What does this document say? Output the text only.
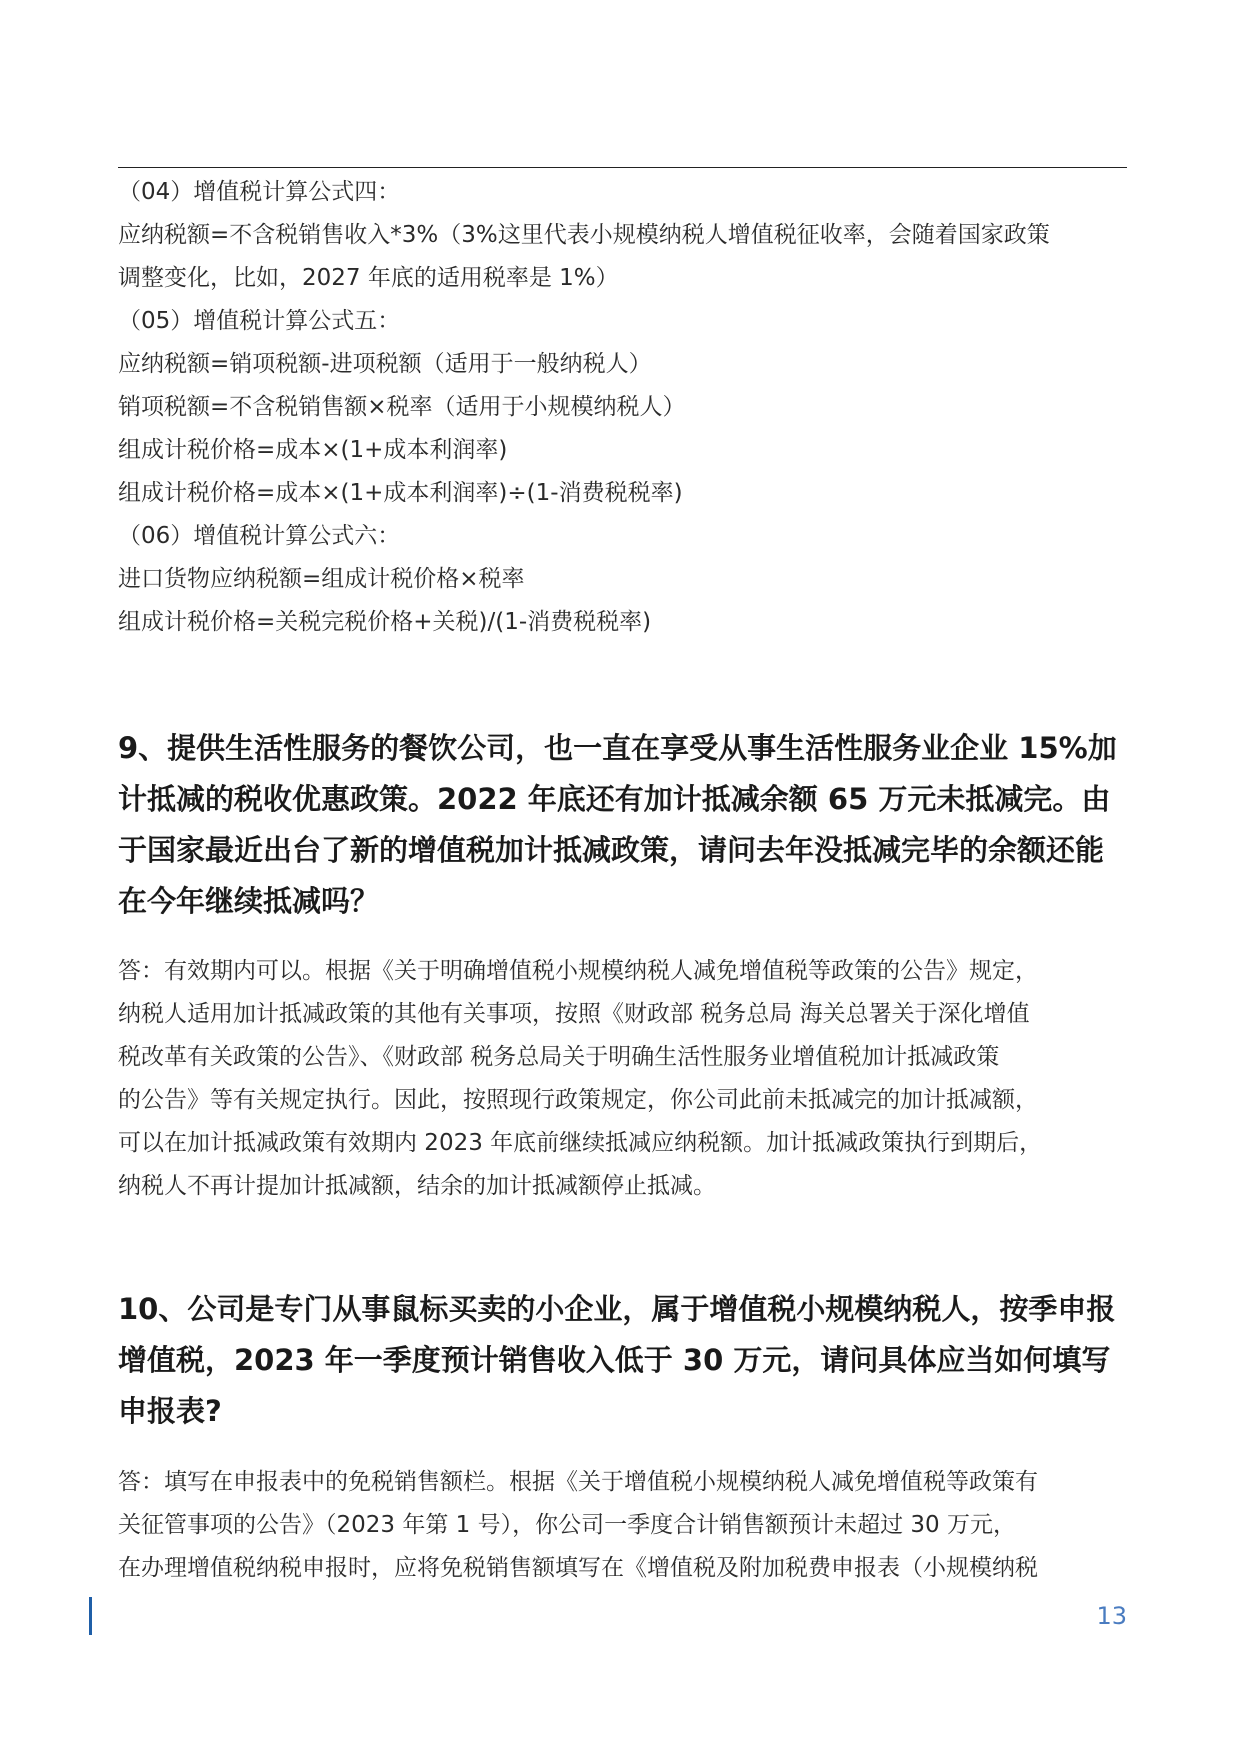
（04）增值税计算公式四：
应纳税额=不含税销售收入*3%（3%这里代表小规模纳税人增值税征收率，会随着国家政策
调整变化，比如，2027 年底的适用税率是 1%）
（05）增值税计算公式五：
应纳税额=销项税额-进项税额（适用于一般纳税人）
销项税额=不含税销售额×税率（适用于小规模纳税人）
组成计税价格=成本×(1+成本利润率)
组成计税价格=成本×(1+成本利润率)÷(1-消费税税率)
（06）增值税计算公式六：
进口货物应纳税额=组成计税价格×税率
组成计税价格=关税完税价格+关税)/(1-消费税税率)
9、提供生活性服务的餐饮公司，也一直在享受从事生活性服务业企业 15%加
计抵减的税收优惠政策。2022 年底还有加计抵减余额 65 万元未抵减完。由
于国家最近出台了新的增值税加计抵减政策，请问去年没抵减完毕的余额还能
在今年继续抵减吗？
答：有效期内可以。根据《关于明确增值税小规模纳税人减免增值税等政策的公告》规定，
纳税人适用加计抵减政策的其他有关事项，按照《财政部 税务总局 海关总署关于深化增值
税改革有关政策的公告》、《财政部 税务总局关于明确生活性服务业增值税加计抵减政策
的公告》等有关规定执行。因此，按照现行政策规定，你公司此前未抵减完的加计抵减额，
可以在加计抵减政策有效期内 2023 年底前继续抵减应纳税额。加计抵减政策执行到期后，
纳税人不再计提加计抵减额，结余的加计抵减额停止抵减。
10、公司是专门从事鼠标买卖的小企业，属于增值税小规模纳税人，按季申报
增值税，2023 年一季度预计销售收入低于 30 万元，请问具体应当如何填写
申报表?
答：填写在申报表中的免税销售额栏。根据《关于增值税小规模纳税人减免增值税等政策有
关征管事项的公告》（2023 年第 1 号），你公司一季度合计销售额预计未超过 30 万元，
在办理增值税纳税申报时，应将免税销售额填写在《增值税及附加税费申报表（小规模纳税
13
